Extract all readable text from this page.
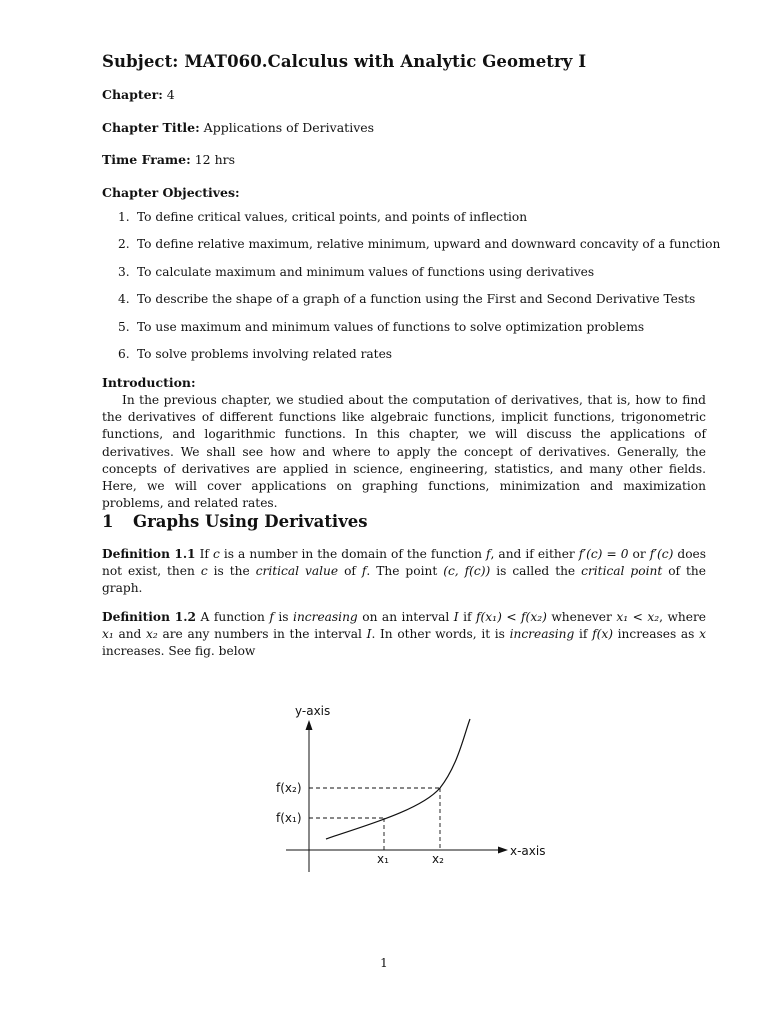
Subject: MAT060.Calculus with Analytic Geometry I
Chapter: 4
Chapter Title: Applications of Derivatives
Time Frame: 12 hrs
Chapter Objectives:
1. To define critical values, critical points, and points of inflection
2. To define relative maximum, relative minimum, upward and downward concavity of a function
3. To calculate maximum and minimum values of functions using derivatives
4. To describe the shape of a graph of a function using the First and Second Derivative Tests
5. To use maximum and minimum values of functions to solve optimization problems
6. To solve problems involving related rates
Introduction:
In the previous chapter, we studied about the computation of derivatives, that is, how to find the derivatives of different functions like algebraic functions, implicit functions, trigonometric functions, and logarithmic functions. In this chapter, we will discuss the applications of derivatives. We shall see how and where to apply the concept of derivatives. Generally, the concepts of derivatives are applied in science, engineering, statistics, and many other fields. Here, we will cover applications on graphing functions, minimization and maximization problems, and related rates.
1 Graphs Using Derivatives
Definition 1.1 If c is a number in the domain of the function f, and if either f′(c) = 0 or f′(c) does not exist, then c is the critical value of f. The point (c, f(c)) is called the critical point of the graph.
Definition 1.2 A function f is increasing on an interval I if f(x₁) < f(x₂) whenever x₁ < x₂, where x₁ and x₂ are any numbers in the interval I. In other words, it is increasing if f(x) increases as x increases. See fig. below
y-axis
x-axis
f(x₂)
f(x₁)
x₁	x₂
1
